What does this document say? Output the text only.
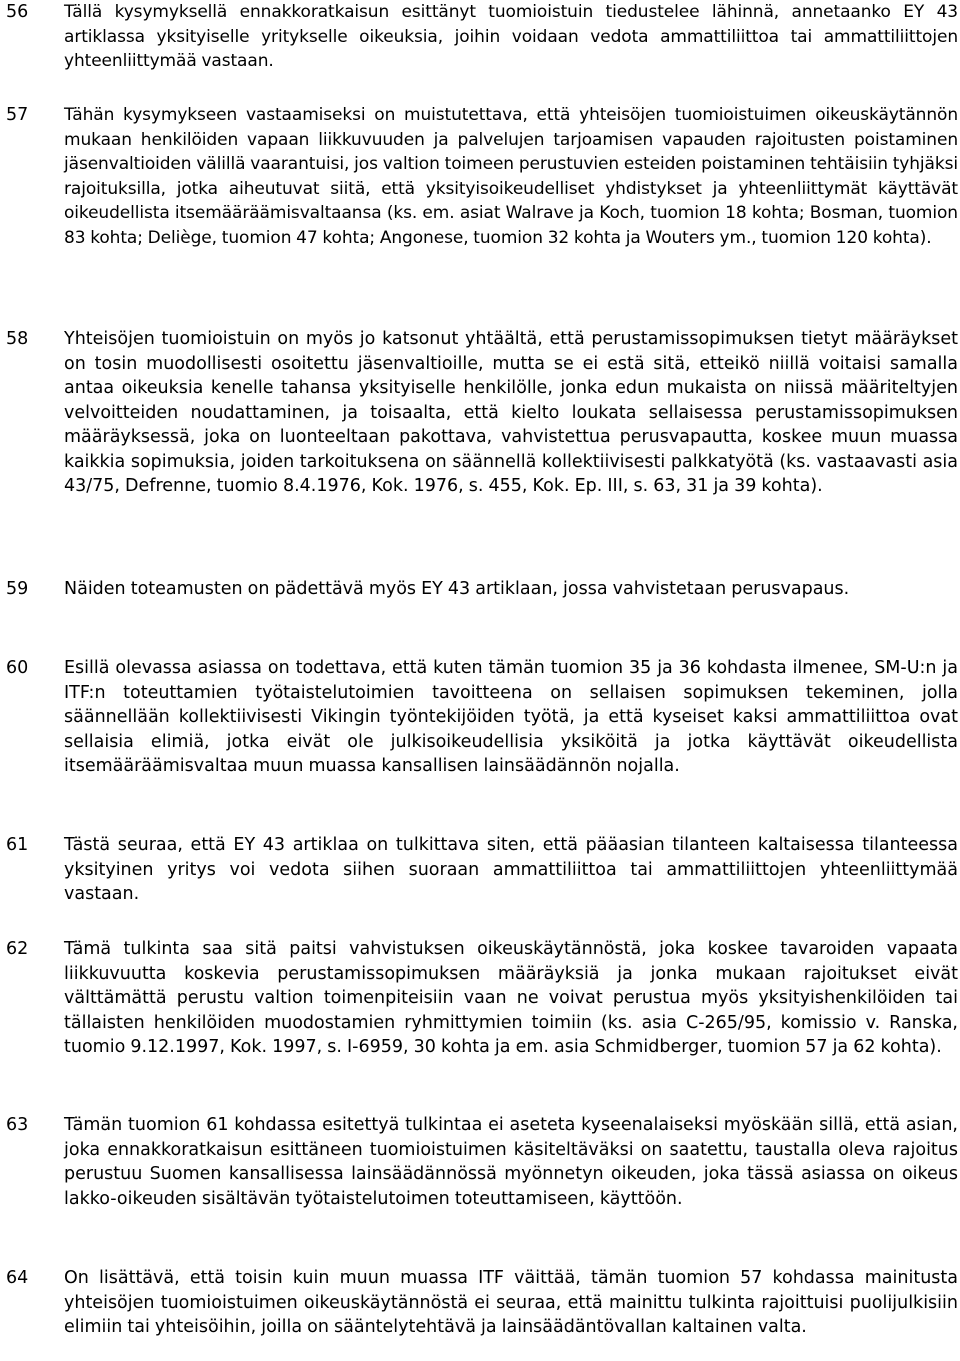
56 Tällä kysymyksellä ennakkoratkaisun esittänyt tuomioistuin tiedustelee lähinnä, annetaanko EY 43 artiklassa yksityiselle yritykselle oikeuksia, joihin voidaan vedota ammattiliittoa tai ammattiliittojen yhteenliittymää vastaan.
57 Tähän kysymykseen vastaamiseksi on muistutettava, että yhteisöjen tuomioistuimen oikeuskäytännön mukaan henkilöiden vapaan liikkuvuuden ja palvelujen tarjoamisen vapauden rajoitusten poistaminen jäsenvaltioiden välillä vaarantuisi, jos valtion toimeen perustuvien esteiden poistaminen tehtäisiin tyhjäksi rajoituksilla, jotka aiheutuvat siitä, että yksityisoikeudelliset yhdistykset ja yhteenliittymät käyttävät oikeudellista itsemääräämisvaltaansa (ks. em. asiat Walrave ja Koch, tuomion 18 kohta; Bosman, tuomion 83 kohta; Deliège, tuomion 47 kohta; Angonese, tuomion 32 kohta ja Wouters ym., tuomion 120 kohta).
58 Yhteisöjen tuomioistuin on myös jo katsonut yhtäältä, että perustamissopimuksen tietyt määräykset on tosin muodollisesti osoitettu jäsenvaltioille, mutta se ei estä sitä, etteikö niillä voitaisi samalla antaa oikeuksia kenelle tahansa yksityiselle henkilölle, jonka edun mukaista on niissä määriteltyjen velvoitteiden noudattaminen, ja toisaalta, että kielto loukata sellaisessa perustamissopimuksen määräyksessä, joka on luonteeltaan pakottava, vahvistettua perusvapautta, koskee muun muassa kaikkia sopimuksia, joiden tarkoituksena on säännellä kollektiivisesti palkkatyötä (ks. vastaavasti asia 43/75, Defrenne, tuomio 8.4.1976, Kok. 1976, s. 455, Kok. Ep. III, s. 63, 31 ja 39 kohta).
59 Näiden toteamusten on pädettävä myös EY 43 artiklaan, jossa vahvistetaan perusvapaus.
60 Esillä olevassa asiassa on todettava, että kuten tämän tuomion 35 ja 36 kohdasta ilmenee, SM-U:n ja ITF:n toteuttamien työtaistelutoimien tavoitteena on sellaisen sopimuksen tekeminen, jolla säännellään kollektiivisesti Vikingin työntekijöiden työtä, ja että kyseiset kaksi ammattiliittoa ovat sellaisia elimiä, jotka eivät ole julkisoikeudellisia yksiköitä ja jotka käyttävät oikeudellista itsemääräämisvaltaa muun muassa kansallisen lainsäädännön nojalla.
61 Tästä seuraa, että EY 43 artiklaa on tulkittava siten, että pääasian tilanteen kaltaisessa tilanteessa yksityinen yritys voi vedota siihen suoraan ammattiliittoa tai ammattiliittojen yhteenliittymää vastaan.
62 Tämä tulkinta saa sitä paitsi vahvistuksen oikeuskäytännöstä, joka koskee tavaroiden vapaata liikkuvuutta koskevia perustamissopimuksen määräyksiä ja jonka mukaan rajoitukset eivät välttämättä perustu valtion toimenpiteisiin vaan ne voivat perustua myös yksityishenkilöiden tai tällaisten henkilöiden muodostamien ryhmittymien toimiin (ks. asia C-265/95, komissio v. Ranska, tuomio 9.12.1997, Kok. 1997, s. I-6959, 30 kohta ja em. asia Schmidberger, tuomion 57 ja 62 kohta).
63 Tämän tuomion 61 kohdassa esitettyä tulkintaa ei aseteta kyseenalaiseksi myöskään sillä, että asian, joka ennakkoratkaisun esittäneen tuomioistuimen käsiteltäväksi on saatettu, taustalla oleva rajoitus perustuu Suomen kansallisessa lainsäädännössä myönnetyn oikeuden, joka tässä asiassa on oikeus lakko-oikeuden sisältävän työtaistelutoimen toteuttamiseen, käyttöön.
64 On lisättävä, että toisin kuin muun muassa ITF väittää, tämän tuomion 57 kohdassa mainitusta yhteisöjen tuomioistuimen oikeuskäytännöstä ei seuraa, että mainittu tulkinta rajoittuisi puolijulkisiin elimiin tai yhteisöihin, joilla on sääntelytehtävä ja lainsäädäntövallan kaltainen valta.
